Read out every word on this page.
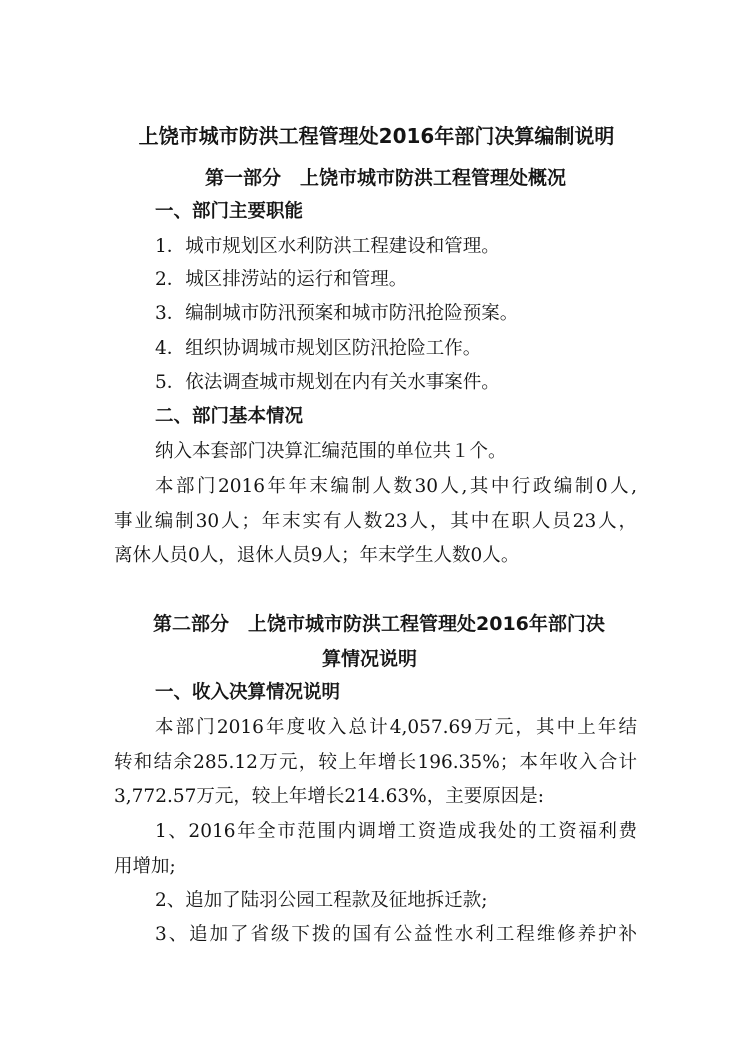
上饶市城市防洪工程管理处2016年部门决算编制说明
第一部分　上饶市城市防洪工程管理处概况
一、部门主要职能
1．城市规划区水利防洪工程建设和管理。
2．城区排涝站的运行和管理。
3．编制城市防汛预案和城市防汛抢险预案。
4．组织协调城市规划区防汛抢险工作。
5．依法调查城市规划在内有关水事案件。
二、部门基本情况
纳入本套部门决算汇编范围的单位共１个。
本部门2016年年末编制人数30人,其中行政编制0人,
事业编制30人；年末实有人数23人，其中在职人员23人，
离休人员0人，退休人员9人；年末学生人数0人。
第二部分　上饶市城市防洪工程管理处2016年部门决
算情况说明
一、收入决算情况说明
本部门2016年度收入总计4,057.69万元，其中上年结
转和结余285.12万元，较上年增长196.35%；本年收入合计
3,772.57万元，较上年增长214.63%，主要原因是:
1、2016年全市范围内调增工资造成我处的工资福利费
用增加;
2、追加了陆羽公园工程款及征地拆迁款;
3、追加了省级下拨的国有公益性水利工程维修养护补
